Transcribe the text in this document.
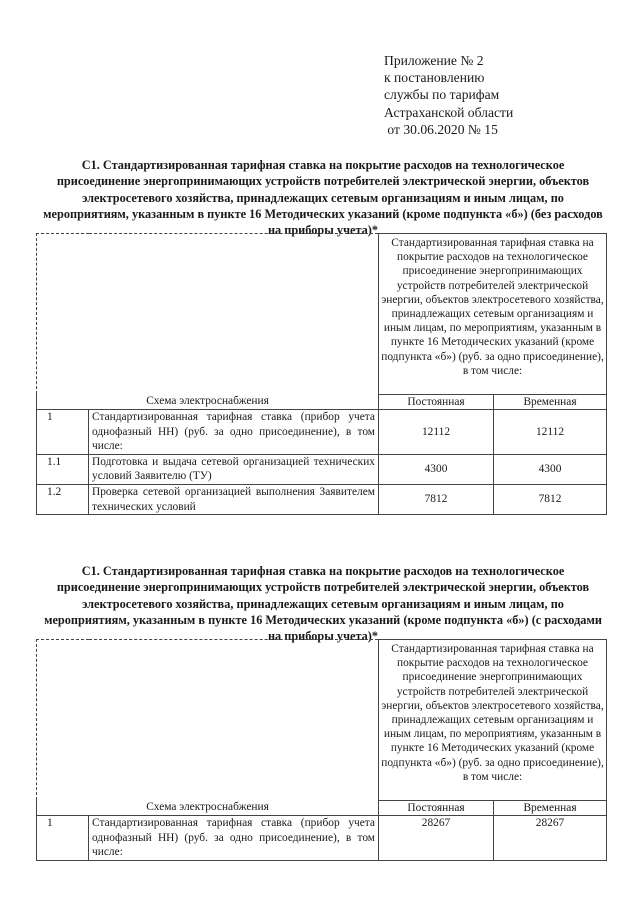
Приложение № 2
к постановлению
службы по тарифам
Астраханской области
от 30.06.2020 № 15
С1. Стандартизированная тарифная ставка на покрытие расходов на технологическое присоединение энергопринимающих устройств потребителей электрической энергии, объектов электросетевого хозяйства, принадлежащих сетевым организациям и иным лицам, по мероприятиям, указанным в пункте 16 Методических указаний (кроме подпункта «б») (без расходов на приборы учета)*
		Стандартизированная тарифная ставка на покрытие расходов на технологическое присоединение энергопринимающих устройств потребителей электрической энергии, объектов электросетевого хозяйства, принадлежащих сетевым организациям и иным лицам, по мероприятиям, указанным в пункте 16 Методических указаний (кроме подпункта «б») (руб. за одно присоединение), в том числе:	
Схема электроснабжения		Постоянная	Временная
1	Стандартизированная тарифная ставка (прибор учета однофазный НН) (руб. за одно присоединение), в том числе:	12112	12112
1.1	Подготовка и выдача сетевой организацией технических условий Заявителю (ТУ)	4300	4300
1.2	Проверка сетевой организацией выполнения Заявителем технических условий	7812	7812
С1. Стандартизированная тарифная ставка на покрытие расходов на технологическое присоединение энергопринимающих устройств потребителей электрической энергии, объектов электросетевого хозяйства, принадлежащих сетевым организациям и иным лицам, по мероприятиям, указанным в пункте 16 Методических указаний (кроме подпункта «б») (с расходами на приборы учета)*
		Стандартизированная тарифная ставка на покрытие расходов на технологическое присоединение энергопринимающих устройств потребителей электрической энергии, объектов электросетевого хозяйства, принадлежащих сетевым организациям и иным лицам, по мероприятиям, указанным в пункте 16 Методических указаний (кроме подпункта «б») (руб. за одно присоединение), в том числе:	
Схема электроснабжения		Постоянная	Временная
1	Стандартизированная тарифная ставка (прибор учета однофазный НН) (руб. за одно присоединение), в том числе:	28267	28267
